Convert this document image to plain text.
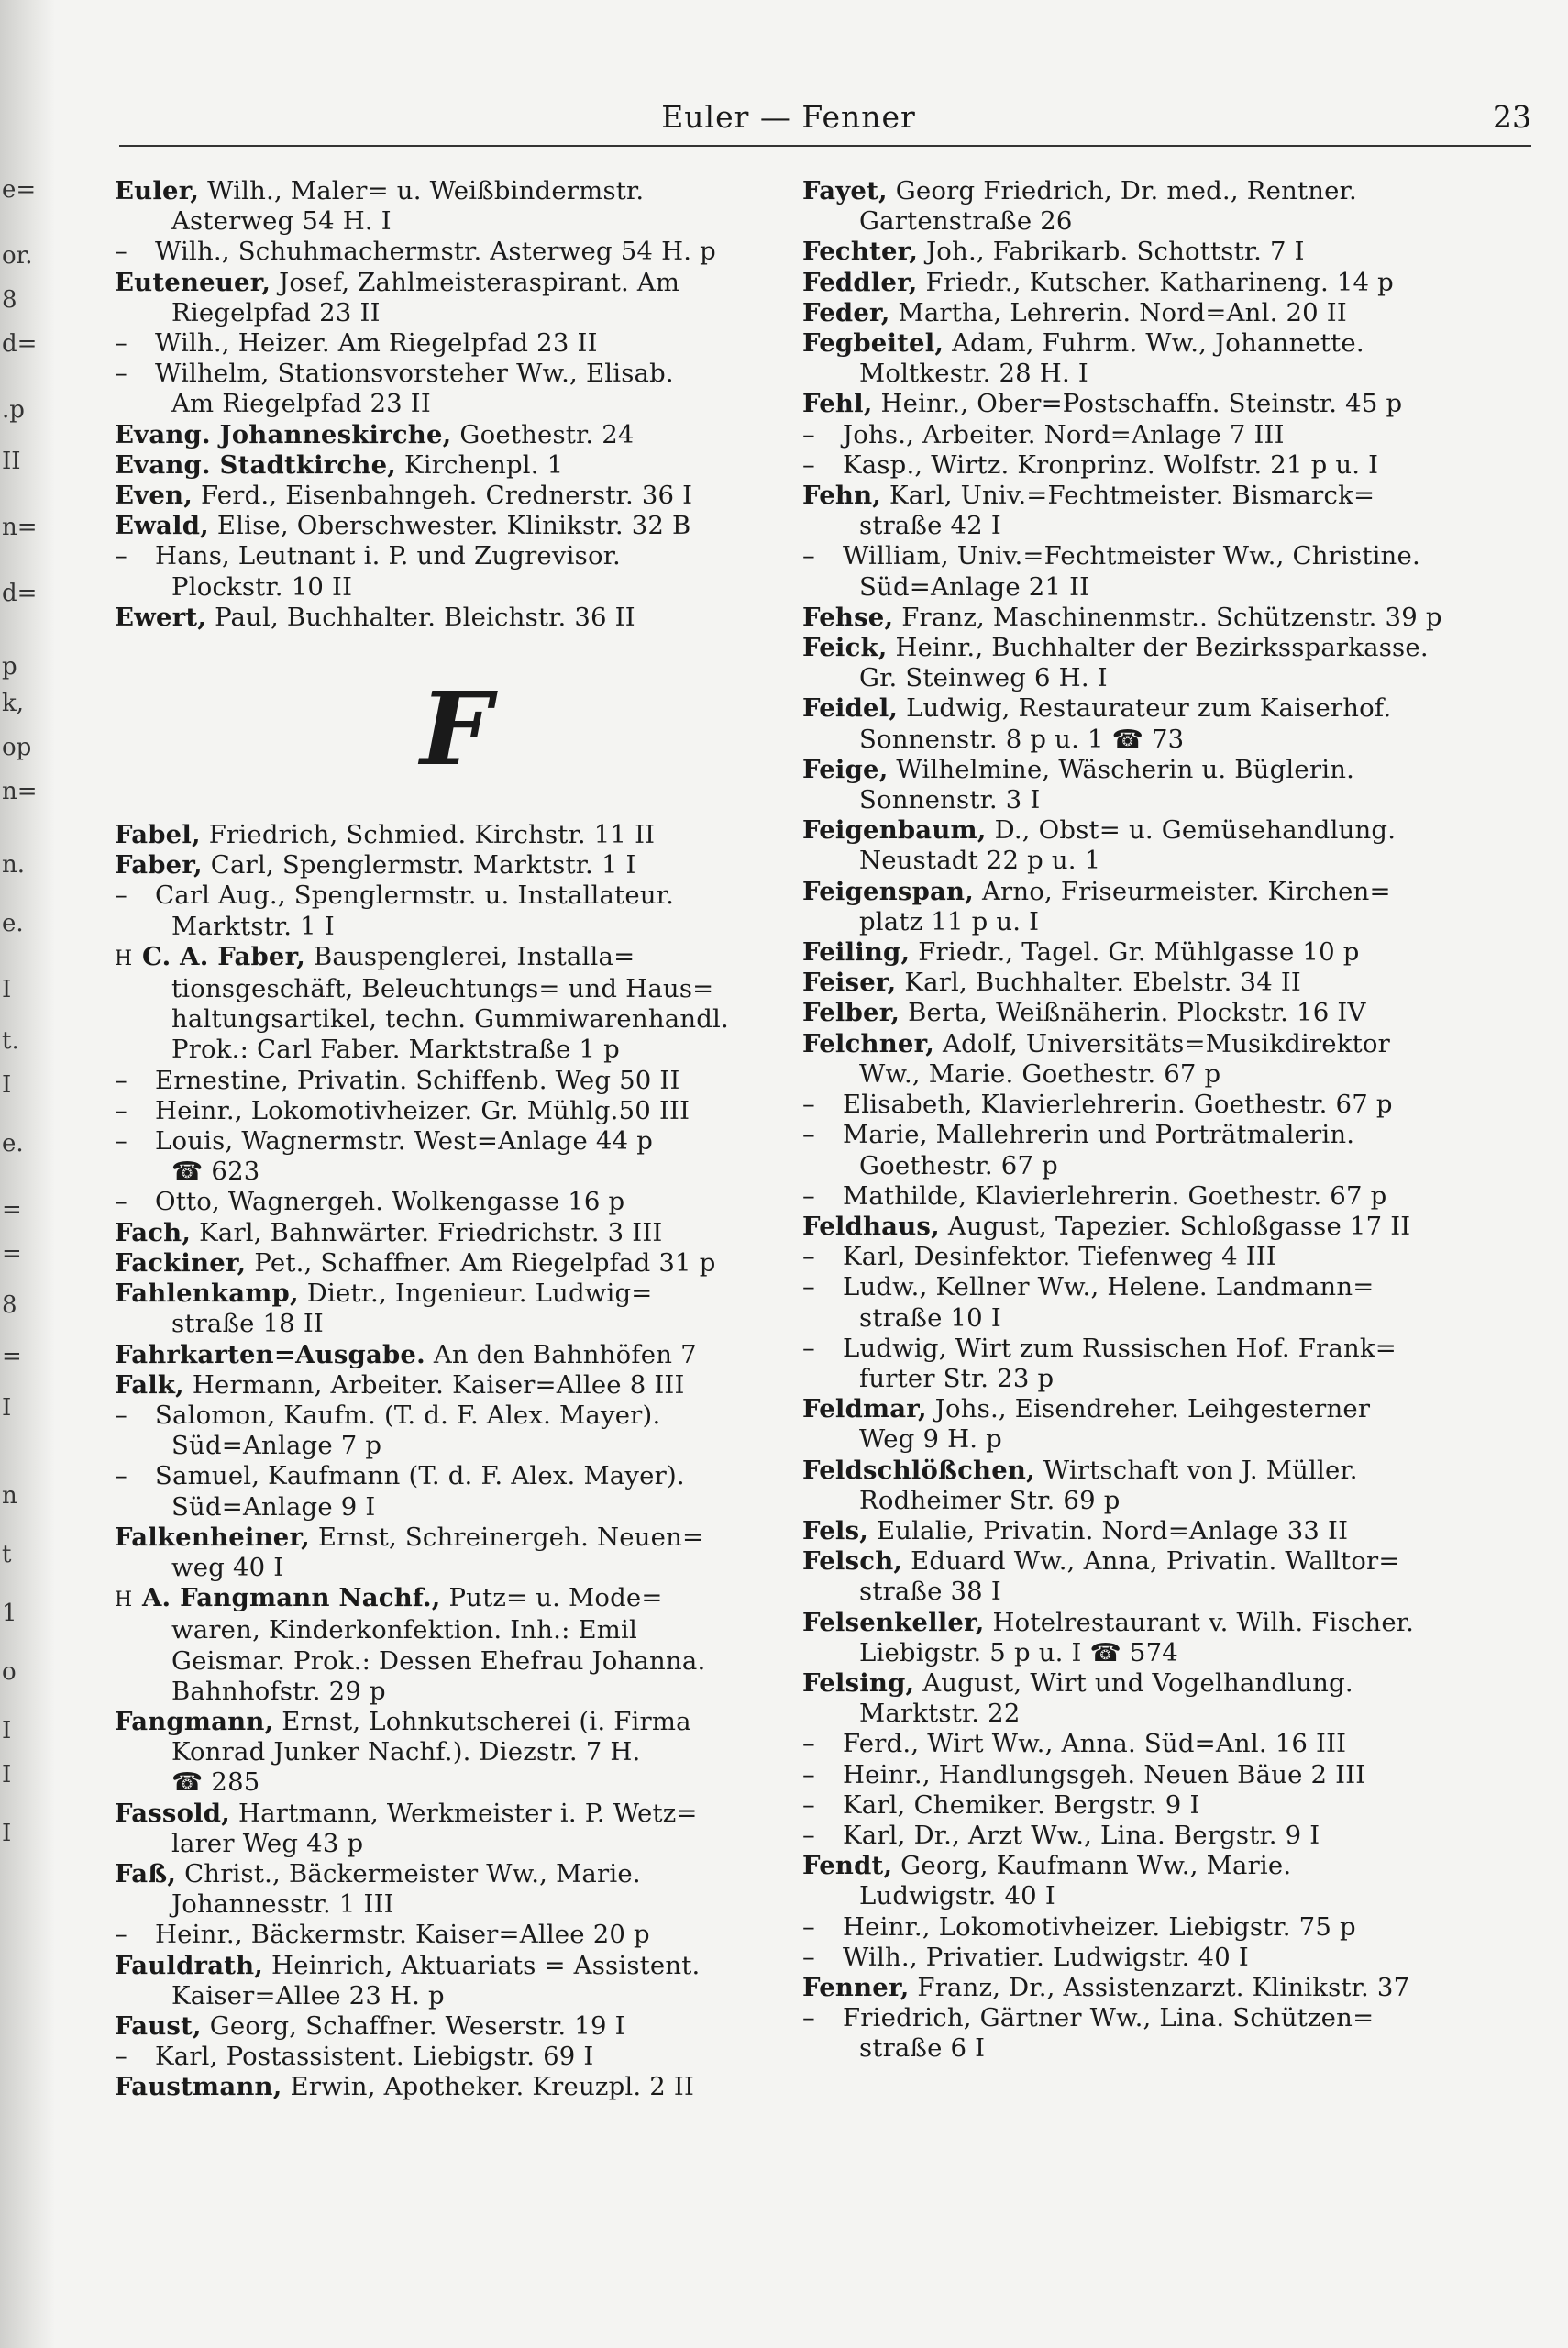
e=
or.
8
d=
.p
II
n=
d=
p
k,
op
n=
n.
e.
I
t.
I
e.
=
=
8
=
I
n
t
1
o
I
I
I
Euler — Fenner	23
Euler, Wilh., Maler= u. Weißbindermstr.
Asterweg 54 H. I
– Wilh., Schuhmachermstr. Asterweg 54 H. p
Euteneuer, Josef, Zahlmeisteraspirant. Am
Riegelpfad 23 II
– Wilh., Heizer. Am Riegelpfad 23 II
– Wilhelm, Stationsvorsteher Ww., Elisab.
Am Riegelpfad 23 II
Evang. Johanneskirche, Goethestr. 24
Evang. Stadtkirche, Kirchenpl. 1
Even, Ferd., Eisenbahngeh. Crednerstr. 36 I
Ewald, Elise, Oberschwester. Klinikstr. 32 B
– Hans, Leutnant i. P. und Zugrevisor.
Plockstr. 10 II
Ewert, Paul, Buchhalter. Bleichstr. 36 II
F
Fabel, Friedrich, Schmied. Kirchstr. 11 II
Faber, Carl, Spenglermstr. Marktstr. 1 I
– Carl Aug., Spenglermstr. u. Installateur.
Marktstr. 1 I
H C. A. Faber, Bauspenglerei, Installa=
tionsgeschäft, Beleuchtungs= und Haus=
haltungsartikel, techn. Gummiwarenhandl.
Prok.: Carl Faber. Marktstraße 1 p
– Ernestine, Privatin. Schiffenb. Weg 50 II
– Heinr., Lokomotivheizer. Gr. Mühlg.50 III
– Louis, Wagnermstr. West=Anlage 44 p
☎ 623
– Otto, Wagnergeh. Wolkengasse 16 p
Fach, Karl, Bahnwärter. Friedrichstr. 3 III
Fackiner, Pet., Schaffner. Am Riegelpfad 31 p
Fahlenkamp, Dietr., Ingenieur. Ludwig=
straße 18 II
Fahrkarten=Ausgabe. An den Bahnhöfen 7
Falk, Hermann, Arbeiter. Kaiser=Allee 8 III
– Salomon, Kaufm. (T. d. F. Alex. Mayer).
Süd=Anlage 7 p
– Samuel, Kaufmann (T. d. F. Alex. Mayer).
Süd=Anlage 9 I
Falkenheiner, Ernst, Schreinergeh. Neuen=
weg 40 I
H A. Fangmann Nachf., Putz= u. Mode=
waren, Kinderkonfektion. Inh.: Emil
Geismar. Prok.: Dessen Ehefrau Johanna.
Bahnhofstr. 29 p
Fangmann, Ernst, Lohnkutscherei (i. Firma
Konrad Junker Nachf.). Diezstr. 7 H.
☎ 285
Fassold, Hartmann, Werkmeister i. P. Wetz=
larer Weg 43 p
Faß, Christ., Bäckermeister Ww., Marie.
Johannesstr. 1 III
– Heinr., Bäckermstr. Kaiser=Allee 20 p
Fauldrath, Heinrich, Aktuariats = Assistent.
Kaiser=Allee 23 H. p
Faust, Georg, Schaffner. Weserstr. 19 I
– Karl, Postassistent. Liebigstr. 69 I
Faustmann, Erwin, Apotheker. Kreuzpl. 2 II
Fayet, Georg Friedrich, Dr. med., Rentner.
Gartenstraße 26
Fechter, Joh., Fabrikarb. Schottstr. 7 I
Feddler, Friedr., Kutscher. Katharineng. 14 p
Feder, Martha, Lehrerin. Nord=Anl. 20 II
Fegbeitel, Adam, Fuhrm. Ww., Johannette.
Moltkestr. 28 H. I
Fehl, Heinr., Ober=Postschaffn. Steinstr. 45 p
– Johs., Arbeiter. Nord=Anlage 7 III
– Kasp., Wirtz. Kronprinz. Wolfstr. 21 p u. I
Fehn, Karl, Univ.=Fechtmeister. Bismarck=
straße 42 I
– William, Univ.=Fechtmeister Ww., Christine.
Süd=Anlage 21 II
Fehse, Franz, Maschinenmstr.. Schützenstr. 39 p
Feick, Heinr., Buchhalter der Bezirkssparkasse.
Gr. Steinweg 6 H. I
Feidel, Ludwig, Restaurateur zum Kaiserhof.
Sonnenstr. 8 p u. 1 ☎ 73
Feige, Wilhelmine, Wäscherin u. Büglerin.
Sonnenstr. 3 I
Feigenbaum, D., Obst= u. Gemüsehandlung.
Neustadt 22 p u. 1
Feigenspan, Arno, Friseurmeister. Kirchen=
platz 11 p u. I
Feiling, Friedr., Tagel. Gr. Mühlgasse 10 p
Feiser, Karl, Buchhalter. Ebelstr. 34 II
Felber, Berta, Weißnäherin. Plockstr. 16 IV
Felchner, Adolf, Universitäts=Musikdirektor
Ww., Marie. Goethestr. 67 p
– Elisabeth, Klavierlehrerin. Goethestr. 67 p
– Marie, Mallehrerin und Porträtmalerin.
Goethestr. 67 p
– Mathilde, Klavierlehrerin. Goethestr. 67 p
Feldhaus, August, Tapezier. Schloßgasse 17 II
– Karl, Desinfektor. Tiefenweg 4 III
– Ludw., Kellner Ww., Helene. Landmann=
straße 10 I
– Ludwig, Wirt zum Russischen Hof. Frank=
furter Str. 23 p
Feldmar, Johs., Eisendreher. Leihgesterner
Weg 9 H. p
Feldschlößchen, Wirtschaft von J. Müller.
Rodheimer Str. 69 p
Fels, Eulalie, Privatin. Nord=Anlage 33 II
Felsch, Eduard Ww., Anna, Privatin. Walltor=
straße 38 I
Felsenkeller, Hotelrestaurant v. Wilh. Fischer.
Liebigstr. 5 p u. I ☎ 574
Felsing, August, Wirt und Vogelhandlung.
Marktstr. 22
– Ferd., Wirt Ww., Anna. Süd=Anl. 16 III
– Heinr., Handlungsgeh. Neuen Bäue 2 III
– Karl, Chemiker. Bergstr. 9 I
– Karl, Dr., Arzt Ww., Lina. Bergstr. 9 I
Fendt, Georg, Kaufmann Ww., Marie.
Ludwigstr. 40 I
– Heinr., Lokomotivheizer. Liebigstr. 75 p
– Wilh., Privatier. Ludwigstr. 40 I
Fenner, Franz, Dr., Assistenzarzt. Klinikstr. 37
– Friedrich, Gärtner Ww., Lina. Schützen=
straße 6 I
